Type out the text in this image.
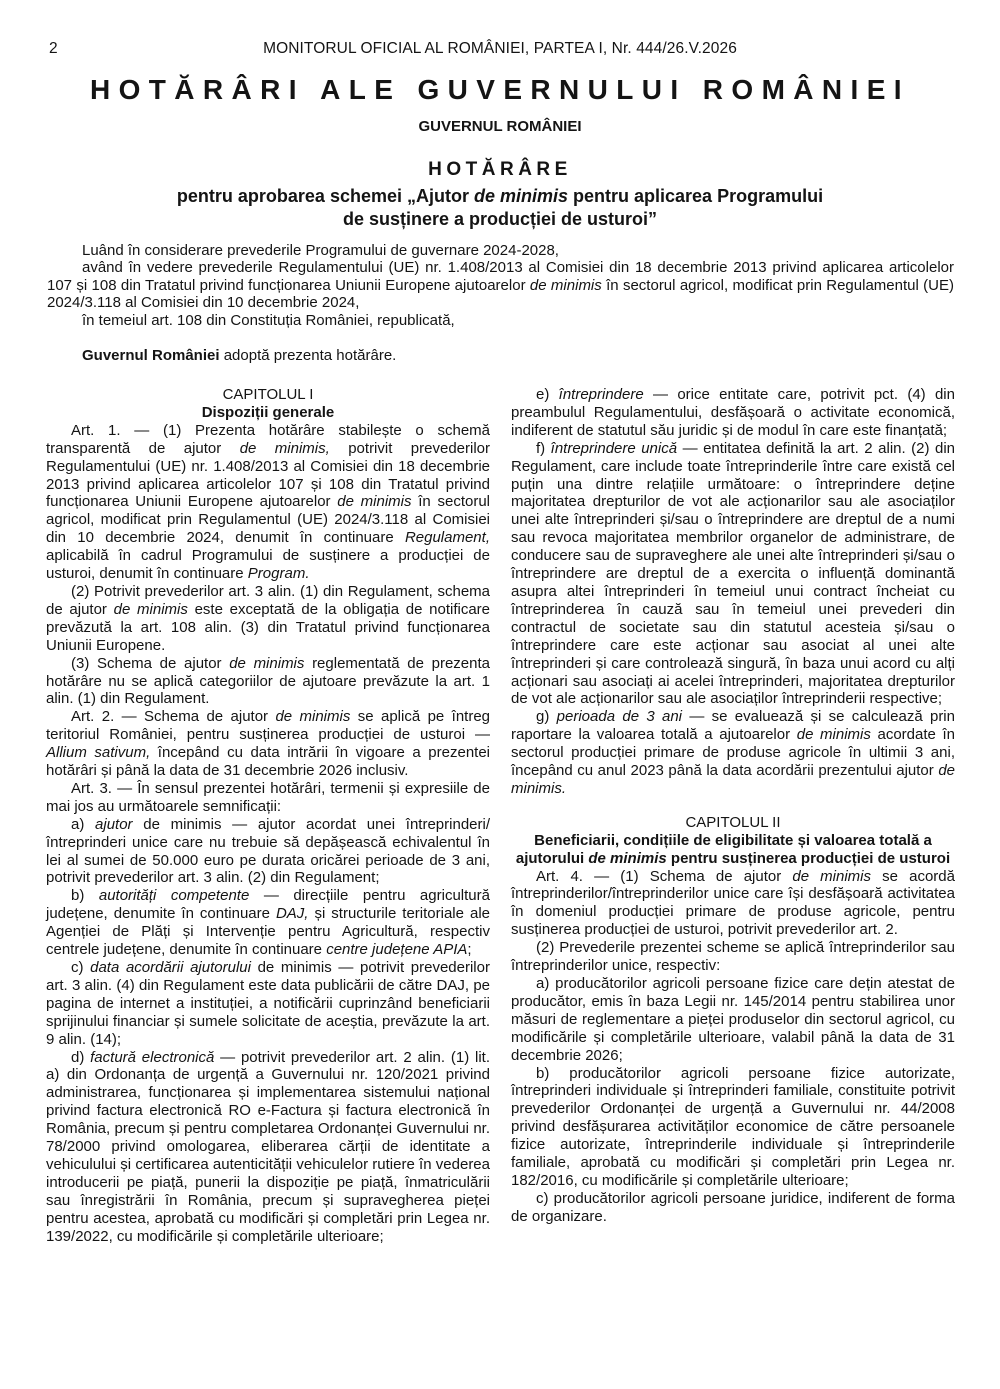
2	MONITORUL OFICIAL AL ROMÂNIEI, PARTEA I, Nr. 444/26.V.2026
HOTĂRÂRI ALE GUVERNULUI ROMÂNIEI
GUVERNUL ROMÂNIEI
HOTĂRÂRE
pentru aprobarea schemei „Ajutor de minimis pentru aplicarea Programului
de susținere a producției de usturoi”

Luând în considerare prevederile Programului de guvernare 2024-2028,

având în vedere prevederile Regulamentului (UE) nr. 1.408/2013 al Comisiei din 18 decembrie 2013 privind aplicarea articolelor 107 și 108 din Tratatul privind funcționarea Uniunii Europene ajutoarelor de minimis în sectorul agricol, modificat prin Regulamentul (UE) 2024/3.118 al Comisiei din 10 decembrie 2024,

în temeiul art. 108 din Constituția României, republicată,

Guvernul României adoptă prezenta hotărâre.

CAPITOLUL I

Dispoziții generale

Art. 1. — (1) Prezenta hotărâre stabilește o schemă transparentă de ajutor de minimis, potrivit prevederilor Regulamentului (UE) nr. 1.408/2013 al Comisiei din 18 decembrie 2013 privind aplicarea articolelor 107 și 108 din Tratatul privind funcționarea Uniunii Europene ajutoarelor de minimis în sectorul agricol, modificat prin Regulamentul (UE) 2024/3.118 al Comisiei din 10 decembrie 2024, denumit în continuare Regulament, aplicabilă în cadrul Programului de susținere a producției de usturoi, denumit în continuare Program.

(2) Potrivit prevederilor art. 3 alin. (1) din Regulament, schema de ajutor de minimis este exceptată de la obligația de notificare prevăzută la art. 108 alin. (3) din Tratatul privind funcționarea Uniunii Europene.

(3) Schema de ajutor de minimis reglementată de prezenta hotărâre nu se aplică categoriilor de ajutoare prevăzute la art. 1 alin. (1) din Regulament.

Art. 2. — Schema de ajutor de minimis se aplică pe întreg teritoriul României, pentru susținerea producției de usturoi — Allium sativum, începând cu data intrării în vigoare a prezentei hotărâri și până la data de 31 decembrie 2026 inclusiv.

Art. 3. — În sensul prezentei hotărâri, termenii și expresiile de mai jos au următoarele semnificații:

a) ajutor de minimis — ajutor acordat unei întreprinderi/întreprinderi unice care nu trebuie să depășească echivalentul în lei al sumei de 50.000 euro pe durata oricărei perioade de 3 ani, potrivit prevederilor art. 3 alin. (2) din Regulament;

b) autorități competente — direcțiile pentru agricultură județene, denumite în continuare DAJ, și structurile teritoriale ale Agenției de Plăți și Intervenție pentru Agricultură, respectiv centrele județene, denumite în continuare centre județene APIA;

c) data acordării ajutorului de minimis — potrivit prevederilor art. 3 alin. (4) din Regulament este data publicării de către DAJ, pe pagina de internet a instituției, a notificării cuprinzând beneficiarii sprijinului financiar și sumele solicitate de aceștia, prevăzute la art. 9 alin. (14);

d) factură electronică — potrivit prevederilor art. 2 alin. (1) lit. a) din Ordonanța de urgență a Guvernului nr. 120/2021 privind administrarea, funcționarea și implementarea sistemului național privind factura electronică RO e-Factura și factura electronică în România, precum și pentru completarea Ordonanței Guvernului nr. 78/2000 privind omologarea, eliberarea cărții de identitate a vehiculului și certificarea autenticității vehiculelor rutiere în vederea introducerii pe piață, punerii la dispoziție pe piață, înmatriculării sau înregistrării în România, precum și supravegherea pieței pentru acestea, aprobată cu modificări și completări prin Legea nr. 139/2022, cu modificările și completările ulterioare;

e) întreprindere — orice entitate care, potrivit pct. (4) din preambulul Regulamentului, desfășoară o activitate economică, indiferent de statutul său juridic și de modul în care este finanțată;

f) întreprindere unică — entitatea definită la art. 2 alin. (2) din Regulament, care include toate întreprinderile între care există cel puțin una dintre relațiile următoare: o întreprindere deține majoritatea drepturilor de vot ale acționarilor sau ale asociaților unei alte întreprinderi și/sau o întreprindere are dreptul de a numi sau revoca majoritatea membrilor organelor de administrare, de conducere sau de supraveghere ale unei alte întreprinderi și/sau o întreprindere are dreptul de a exercita o influență dominantă asupra altei întreprinderi în temeiul unui contract încheiat cu întreprinderea în cauză sau în temeiul unei prevederi din contractul de societate sau din statutul acesteia și/sau o întreprindere care este acționar sau asociat al unei alte întreprinderi și care controlează singură, în baza unui acord cu alți acționari sau asociați ai acelei întreprinderi, majoritatea drepturilor de vot ale acționarilor sau ale asociaților întreprinderii respective;

g) perioada de 3 ani — se evaluează și se calculează prin raportare la valoarea totală a ajutoarelor de minimis acordate în sectorul producției primare de produse agricole în ultimii 3 ani, începând cu anul 2023 până la data acordării prezentului ajutor de minimis.

CAPITOLUL II

Beneficiarii, condițiile de eligibilitate și valoarea totală a ajutorului de minimis pentru susținerea producției de usturoi

Art. 4. — (1) Schema de ajutor de minimis se acordă întreprinderilor/întreprinderilor unice care își desfășoară activitatea în domeniul producției primare de produse agricole, pentru susținerea producției de usturoi, potrivit prevederilor art. 2.

(2) Prevederile prezentei scheme se aplică întreprinderilor sau întreprinderilor unice, respectiv:

a) producătorilor agricoli persoane fizice care dețin atestat de producător, emis în baza Legii nr. 145/2014 pentru stabilirea unor măsuri de reglementare a pieței produselor din sectorul agricol, cu modificările și completările ulterioare, valabil până la data de 31 decembrie 2026;

b) producătorilor agricoli persoane fizice autorizate, întreprinderi individuale și întreprinderi familiale, constituite potrivit prevederilor Ordonanței de urgență a Guvernului nr. 44/2008 privind desfășurarea activităților economice de către persoanele fizice autorizate, întreprinderile individuale și întreprinderile familiale, aprobată cu modificări și completări prin Legea nr. 182/2016, cu modificările și completările ulterioare;

c) producătorilor agricoli persoane juridice, indiferent de forma de organizare.
